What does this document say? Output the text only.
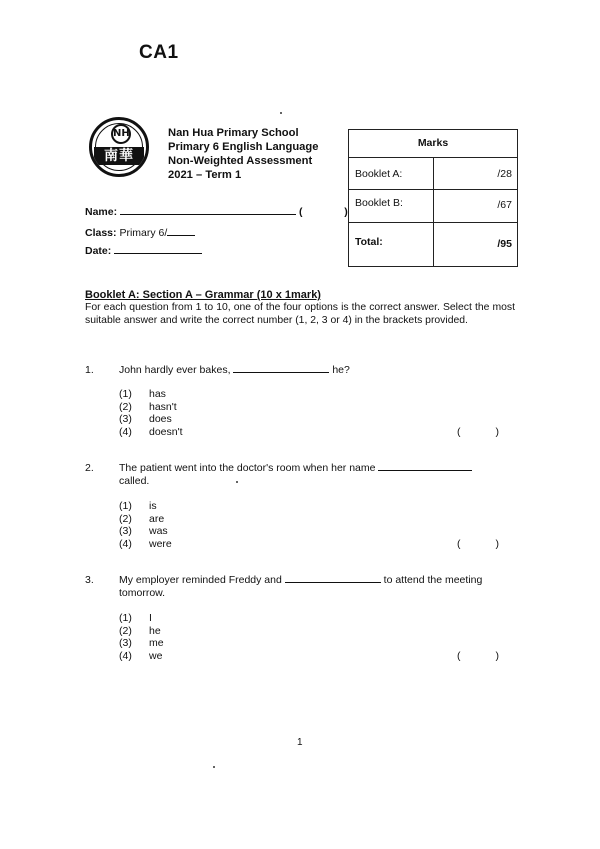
CA1
NH
南華
Nan Hua Primary School
Primary 6 English Language
Non-Weighted Assessment
2021 – Term 1
Name:	(	)
Class: Primary 6/
Date:
Marks
Booklet A:	/28
Booklet B:	/67
Total:	/95
Booklet A: Section A – Grammar (10 x 1mark)
For each question from 1 to 10, one of the four options is the correct answer. Select the most suitable answer and write the correct number (1, 2, 3 or 4) in the brackets provided.
1. John hardly ever bakes,	he?
(1) has
(2) hasn't
(3) does
(4) doesn't	(            )
2. The patient went into the doctor's room when her name
called.
(1) is
(2) are
(3) was
(4) were	(            )
3. My employer reminded Freddy and	to attend the meeting tomorrow.
(1) I
(2) he
(3) me
(4) we	(            )
1
